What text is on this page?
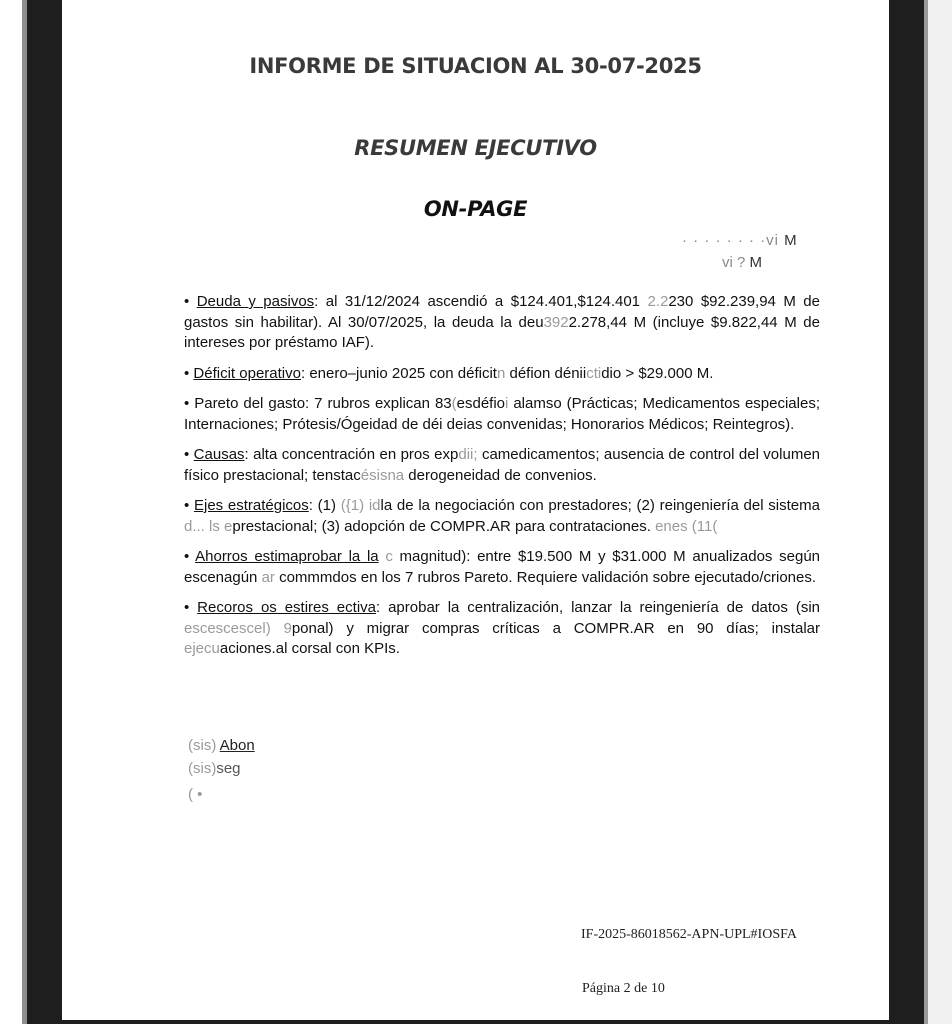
INFORME DE SITUACION AL 30-07-2025
RESUMEN EJECUTIVO
ON-PAGE
· · · · · · · ·vi M
vi ? M

• Deuda y pasivos: al 31/12/2024 ascendió a $124.401,$124.401 2.2230 $92.239,94 M de gastos sin habilitar). Al 30/07/2025, la deuda la deu3922.278,44 M (incluye $9.822,44 M de intereses por préstamo IAF).

• Déficit operativo: enero–junio 2025 con déficitn défion déniictidio > $29.000 M.

• Pareto del gasto: 7 rubros explican 83(esdéfioi alamso (Prácticas; Medicamentos especiales; Internaciones; Prótesis/Ógeidad de déi deias convenidas; Honorarios Médicos; Reintegros).

• Causas: alta concentración en pros expdii; camedicamentos; ausencia de control del volumen físico prestacional; tenstacésisna derogeneidad de convenios.

• Ejes estratégicos: (1) ({1) idla de la negociación con prestadores; (2) reingeniería del sistema d... ls eprestacional; (3) adopción de COMPR.AR para contrataciones. enes (11(

• Ahorros estimaprobar la la c magnitud): entre $19.500 M y $31.000 M anualizados según escenagún ar commmdos en los 7 rubros Pareto. Requiere validación sobre ejecutado/criones.

• Recoros os estires ectiva: aprobar la centralización, lanzar la reingeniería de datos (sin escescescel) 9ponal) y migrar compras críticas a COMPR.AR en 90 días; instalar ejecuaciones.al corsal con KPIs.

(sis) Abon
(sis)seg
( •
IF-2025-86018562-APN-UPL#IOSFA
Página 2 de 10
